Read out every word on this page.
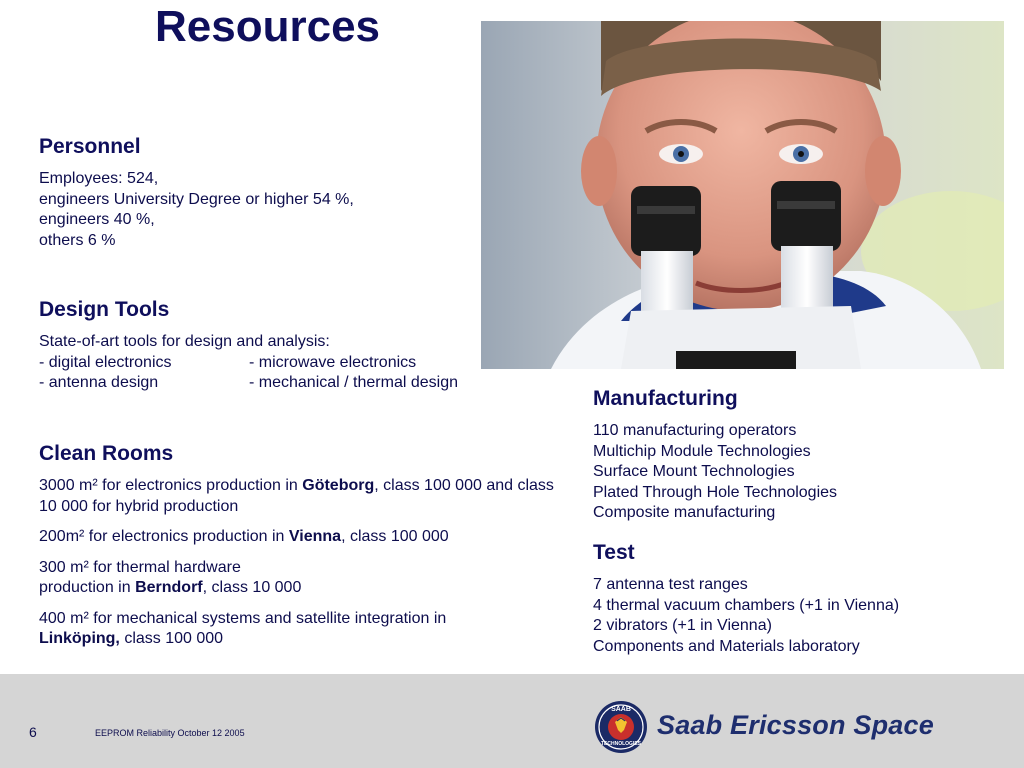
Resources
Personnel
Employees: 524,
engineers University Degree or higher 54 %,
engineers 40 %,
others 6 %
Design Tools
State-of-art tools for design and analysis:
- digital electronics	- microwave electronics
- antenna design	- mechanical / thermal design
Clean Rooms
3000 m² for electronics production in Göteborg, class 100 000 and class 10 000 for hybrid production
200m² for electronics production in Vienna, class 100 000
300 m² for thermal hardware
production in Berndorf, class 10 000
400 m² for mechanical systems and satellite integration in
Linköping, class 100 000
Manufacturing
110 manufacturing operators
Multichip Module Technologies
Surface Mount Technologies
Plated Through Hole Technologies
Composite manufacturing
Test
7 antenna test ranges
4 thermal vacuum chambers (+1 in Vienna)
2 vibrators (+1 in Vienna)
Components and Materials laboratory
6	EEPROM Reliability October 12 2005
SAAB
TECHNOLOGIES
Saab Ericsson Space
